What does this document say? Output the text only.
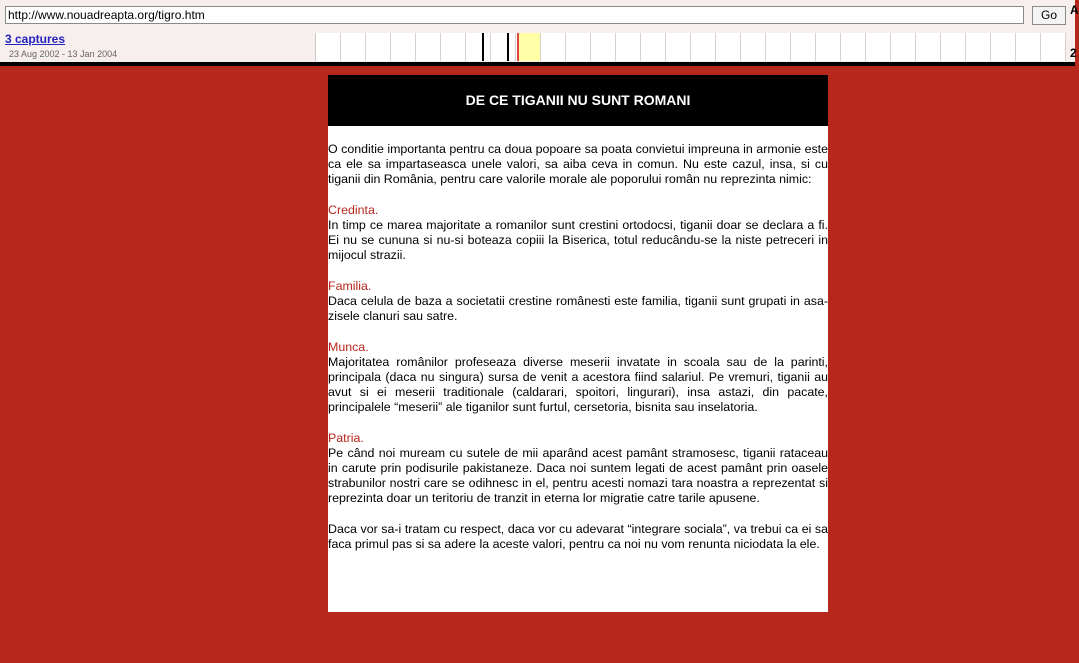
http://www.nouadreapta.org/tigro.htm
Go	A
3 captures
23 Aug 2002 - 13 Jan 2004	2
DE CE TIGANII NU SUNT ROMANI

O conditie importanta pentru ca doua popoare sa poata convietui impreuna in armonie este ca ele sa impartaseasca unele valori, sa aiba ceva in comun. Nu este cazul, insa, si cu tiganii din România, pentru care valorile morale ale poporului român nu reprezinta nimic:

Credinta.
In timp ce marea majoritate a romanilor sunt crestini ortodocsi, tiganii doar se declara a fi. Ei nu se cununa si nu-si boteaza copiii la Biserica, totul reducându-se la niste petreceri in mijocul strazii.

Familia.
Daca celula de baza a societatii crestine românesti este familia, tiganii sunt grupati in asa-zisele clanuri sau satre.

Munca.
Majoritatea românilor profeseaza diverse meserii invatate in scoala sau de la parinti, principala (daca nu singura) sursa de venit a acestora fiind salariul. Pe vremuri, tiganii au avut si ei meserii traditionale (caldarari, spoitori, lingurari), insa astazi, din pacate, principalele “meserii” ale tiganilor sunt furtul, cersetoria, bisnita sau inselatoria.

Patria.
Pe când noi muream cu sutele de mii aparând acest pamânt stramosesc, tiganii rataceau in carute prin podisurile pakistaneze. Daca noi suntem legati de acest pamânt prin oasele strabunilor nostri care se odihnesc in el, pentru acesti nomazi tara noastra a reprezentat si reprezinta doar un teritoriu de tranzit in eterna lor migratie catre tarile apusene.

Daca vor sa-i tratam cu respect, daca vor cu adevarat “integrare sociala”, va trebui ca ei sa faca primul pas si sa adere la aceste valori, pentru ca noi nu vom renunta niciodata la ele.
